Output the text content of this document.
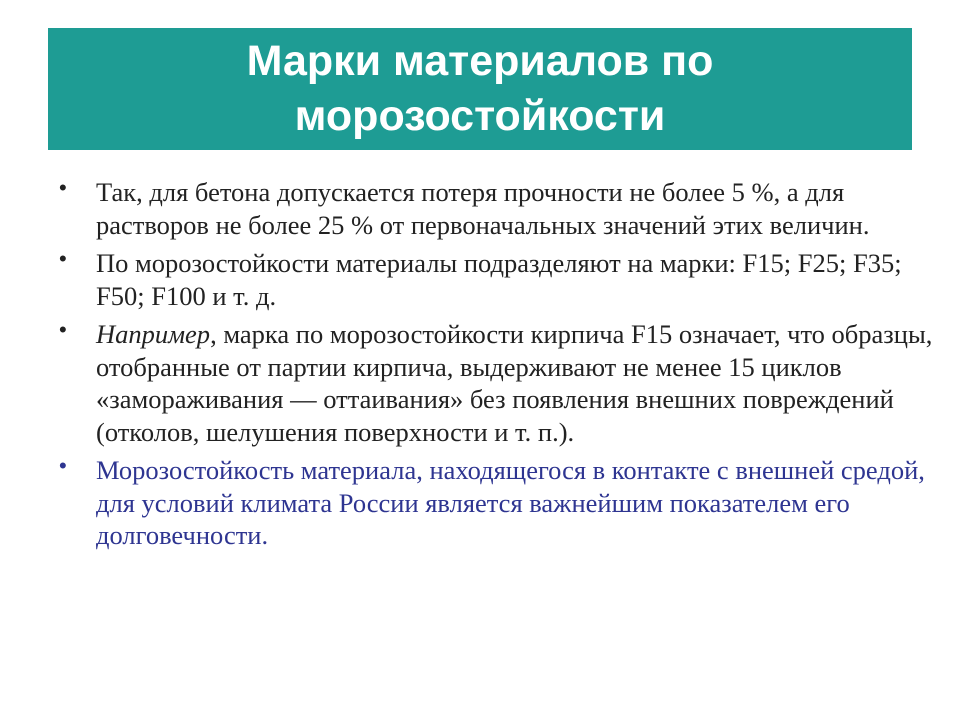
Марки материалов по
морозостойкости
• Так, для бетона допускается потеря прочности не более 5 %, а для растворов не более 25 % от первоначальных значений этих величин.
• По морозостойкости материалы подразделяют на марки: F15; F25; F35; F50; F100 и т. д.
• Например, марка по морозостойкости кирпича F15 означает, что образцы, отобранные от партии кирпича, выдерживают не менее 15 циклов «замораживания — оттаивания» без появления внешних повреждений (отколов, шелушения поверхности и т. п.).
• Морозостойкость материала, находящегося в контакте с внешней средой, для условий климата России является важнейшим показателем его долговечности.
